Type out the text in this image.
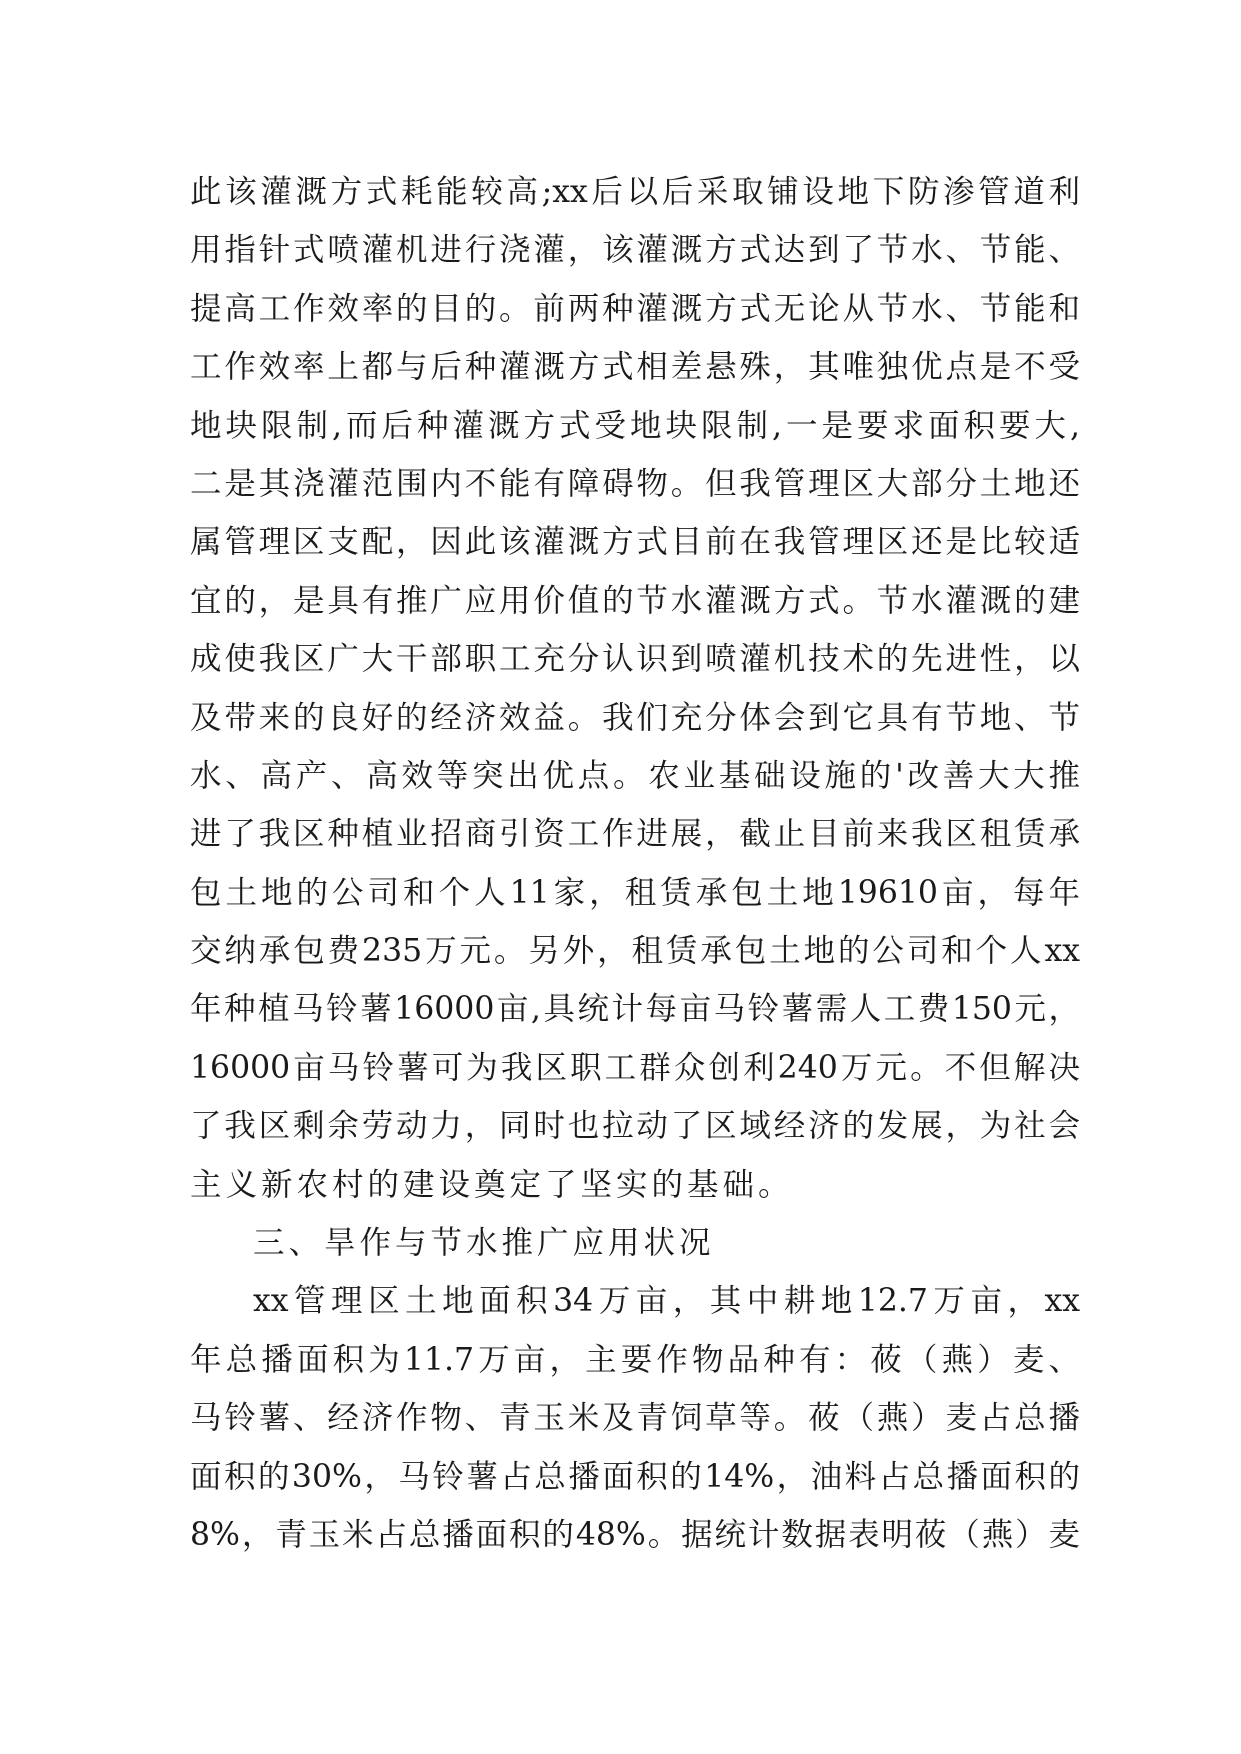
此该灌溉方式耗能较高;xx后以后采取铺设地下防渗管道利
用指针式喷灌机进行浇灌，该灌溉方式达到了节水、节能、
提高工作效率的目的。前两种灌溉方式无论从节水、节能和
工作效率上都与后种灌溉方式相差悬殊，其唯独优点是不受
地块限制,而后种灌溉方式受地块限制,一是要求面积要大,
二是其浇灌范围内不能有障碍物。但我管理区大部分土地还
属管理区支配，因此该灌溉方式目前在我管理区还是比较适
宜的，是具有推广应用价值的节水灌溉方式。节水灌溉的建
成使我区广大干部职工充分认识到喷灌机技术的先进性，以
及带来的良好的经济效益。我们充分体会到它具有节地、节
水、高产、高效等突出优点。农业基础设施的'改善大大推
进了我区种植业招商引资工作进展，截止目前来我区租赁承
包土地的公司和个人11家，租赁承包土地19610亩，每年
交纳承包费235万元。另外，租赁承包土地的公司和个人xx
年种植马铃薯16000亩,具统计每亩马铃薯需人工费150元，
16000亩马铃薯可为我区职工群众创利240万元。不但解决
了我区剩余劳动力，同时也拉动了区域经济的发展，为社会
主义新农村的建设奠定了坚实的基础。
三、旱作与节水推广应用状况
xx管理区土地面积34万亩，其中耕地12.7万亩，xx
年总播面积为11.7万亩，主要作物品种有：莜（燕）麦、
马铃薯、经济作物、青玉米及青饲草等。莜（燕）麦占总播
面积的30%，马铃薯占总播面积的14%，油料占总播面积的
8%，青玉米占总播面积的48%。据统计数据表明莜（燕）麦
